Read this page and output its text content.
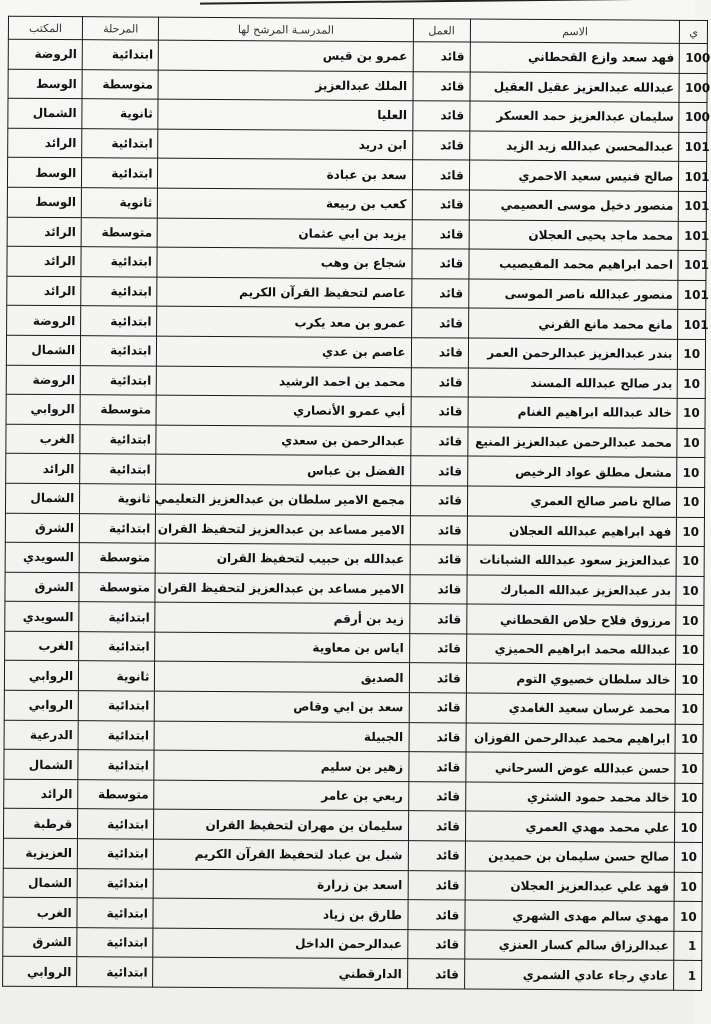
ي	الاسم	العمل	المدرسـة المرشح لها	المرحلة	المكتب
100	فهد سعد وازع القحطاني	قائد	عمرو بن قيس	ابتدائية	الروضة
100	عبدالله عبدالعزيز عقيل العقيل	قائد	الملك عبدالعزيز	متوسطة	الوسط
100	سليمان عبدالعزيز حمد العسكر	قائد	العليا	ثانوية	الشمال
101	عبدالمحسن عبدالله زيد الزيد	قائد	ابن دريد	ابتدائية	الرائد
101	صالح فنيس سعيد الاحمري	قائد	سعد بن عبادة	ابتدائية	الوسط
101	منصور دخيل موسى العصيمي	قائد	كعب بن ربيعة	ثانوية	الوسط
101	محمد ماجد يحيى العجلان	قائد	يزيد بن ابي عثمان	متوسطة	الرائد
101	احمد ابراهيم محمد المفيصيب	قائد	شجاع بن وهب	ابتدائية	الرائد
101	منصور عبدالله ناصر الموسى	قائد	عاصم لتحفيظ القرآن الكريم	ابتدائية	الرائد
101	مانع محمد مانع القرني	قائد	عمرو بن معد يكرب	ابتدائية	الروضة
10	بندر عبدالعزيز عبدالرحمن العمر	قائد	عاصم بن عدي	ابتدائية	الشمال
10	بدر صالح عبدالله المسند	قائد	محمد بن احمد الرشيد	ابتدائية	الروضة
10	خالد عبدالله ابراهيم الغنام	قائد	أبي عمرو الأنصاري	متوسطة	الروابي
10	محمد عبدالرحمن عبدالعزيز المنيع	قائد	عبدالرحمن بن سعدي	ابتدائية	الغرب
10	مشعل مطلق عواد الرخيص	قائد	الفضل بن عباس	ابتدائية	الرائد
10	صالح ناصر صالح العمري	قائد	مجمع الامير سلطان بن عبدالعزيز التعليمي	ثانوية	الشمال
10	فهد ابراهيم عبدالله العجلان	قائد	الامير مساعد بن عبدالعزيز لتحفيظ القران	ابتدائية	الشرق
10	عبدالعزيز سعود عبدالله الشبانات	قائد	عبدالله بن حبيب لتحفيظ القران	متوسطة	السويدي
10	بدر عبدالعزيز عبدالله المبارك	قائد	الامير مساعد بن عبدالعزيز لتحفيظ القران	متوسطة	الشرق
10	مرزوق فلاح حلاص القحطاني	قائد	زيد بن أرقم	ابتدائية	السويدي
10	عبدالله محمد ابراهيم الحميزي	قائد	اياس بن معاوية	ابتدائية	الغرب
10	خالد سلطان خصيوي التوم	قائد	الصديق	ثانوية	الروابي
10	محمد غرسان سعيد الغامدي	قائد	سعد بن ابي وقاص	ابتدائية	الروابي
10	ابراهيم محمد عبدالرحمن الفوزان	قائد	الجبيلة	ابتدائية	الدرعية
10	حسن عبدالله عوض السرحاني	قائد	زهير بن سليم	ابتدائية	الشمال
10	خالد محمد حمود الشثري	قائد	ربعي بن عامر	متوسطة	الرائد
10	علي محمد مهدي العمري	قائد	سليمان بن مهران لتحفيظ القران	ابتدائية	قرطبة
10	صالح حسن سليمان بن حميدين	قائد	شبل بن عباد لتحفيظ القرآن الكريم	ابتدائية	العزيزية
10	فهد علي عبدالعزيز العجلان	قائد	اسعد بن زرارة	ابتدائية	الشمال
10	مهدي سالم مهدى الشهري	قائد	طارق بن زياد	ابتدائية	الغرب
1	عبدالرزاق سالم كسار العنزي	قائد	عبدالرحمن الداخل	ابتدائية	الشرق
1	عادي رجاء عادي الشمري	قائد	الدارقطني	ابتدائية	الروابي
